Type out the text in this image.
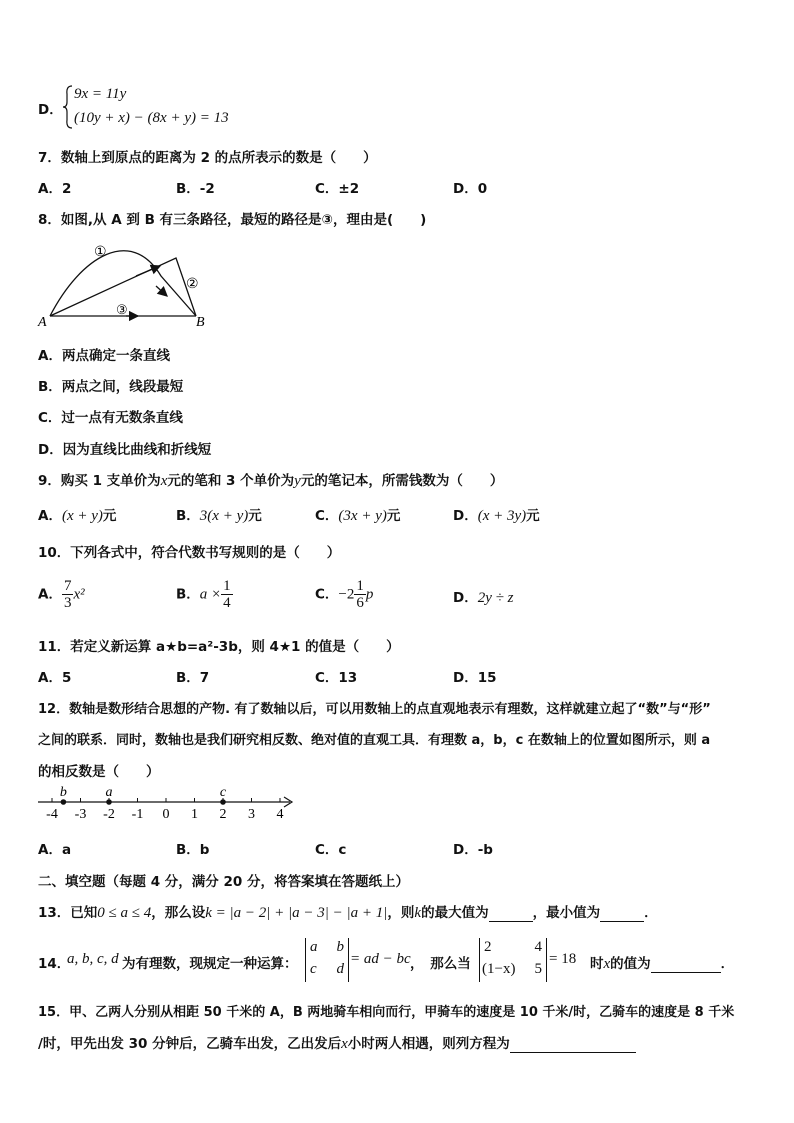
D．
9x = 11y
(10y + x) − (8x + y) = 13
7．数轴上到原点的距离为 2 的点所表示的数是（　　）
A．2	B．-2	C．±2	D．0
8．如图,从 A 到 B 有三条路径，最短的路径是③，理由是(　　)
A	B
①
②
③
A．两点确定一条直线
B．两点之间，线段最短
C．过一点有无数条直线
D．因为直线比曲线和折线短
9．购买 1 支单价为x元的笔和 3 个单价为y元的笔记本，所需钱数为（　　）
A．(x + y)元	B．3(x + y)元	C．(3x + y)元	D．(x + 3y)元
10．下列各式中，符合代数书写规则的是（　　）
A． $\frac{7}{3} x^2$	B．$a \times \frac{1}{4}$	C．$-2 \frac{1}{6}$ p	D．2y ÷ z
11．若定义新运算 a★b=a²-3b，则 4★1 的值是（　　）
A．5	B．7	C．13	D．15
12．数轴是数形结合思想的产物. 有了数轴以后，可以用数轴上的点直观地表示有理数，这样就建立起了“数”与“形”
之间的联系．同时，数轴也是我们研究相反数、绝对值的直观工具．有理数 a，b，c 在数轴上的位置如图所示，则 a
的相反数是（　　）
-4 -3 -2 -1 0 1 2 3 4
b	a	c
A．a	B．b	C．c	D．-b
二、填空题（每题 4 分，满分 20 分，将答案填在答题纸上）
13．已知0 ≤ a ≤ 4，那么设k = |a − 2| + |a − 3| − |a + 1|，则k的最大值为	，最小值为	．
14．
a, b, c, d 为有理数，现规定一种运算：
a b
c d
= ad − bc ，　那么当
2	4
(1−x) 5
= 18 时x的值为	．
15．甲、乙两人分别从相距 50 千米的 A，B 两地骑车相向而行，甲骑车的速度是 10 千米/时，乙骑车的速度是 8 千米
/时，甲先出发 30 分钟后，乙骑车出发，乙出发后x小时两人相遇，则列方程为
